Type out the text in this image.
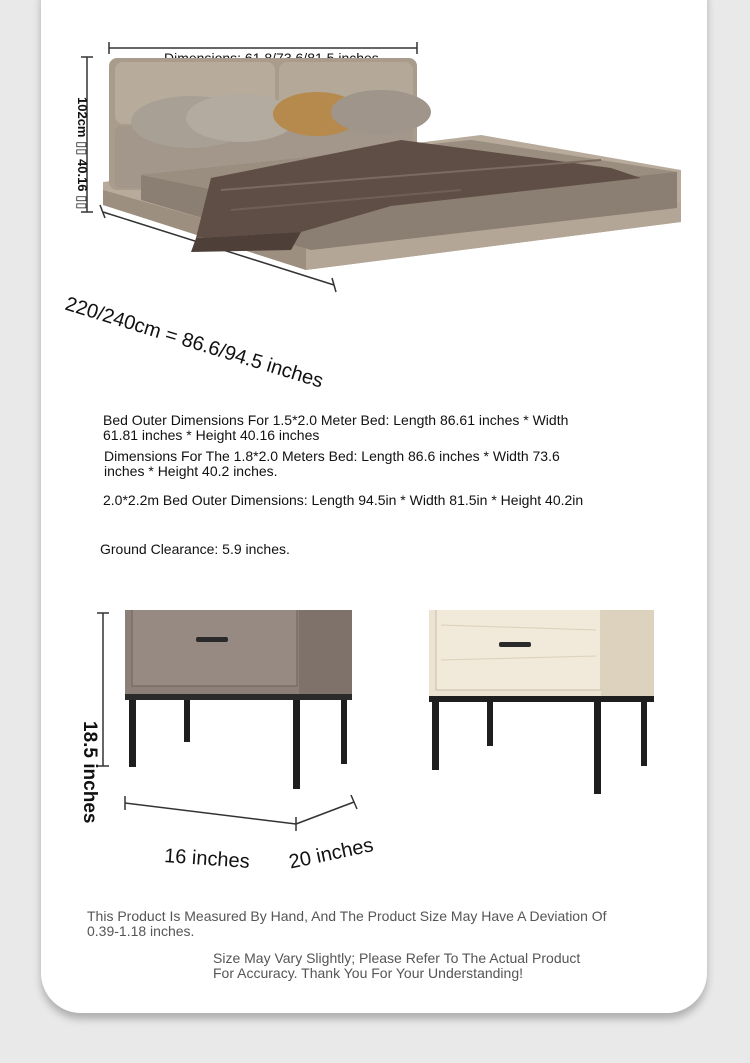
102cm ▯▯ 40.16 ▯▯
220/240cm = 86.6/94.5 inches
Bed Outer Dimensions For 1.5*2.0 Meter Bed: Length 86.61 inches * Width 61.81 inches * Height 40.16 inches
Dimensions For The 1.8*2.0 Meters Bed: Length 86.6 inches * Width 73.6 inches * Height 40.2 inches.
2.0*2.2m Bed Outer Dimensions: Length 94.5in * Width 81.5in * Height 40.2in
Ground Clearance: 5.9 inches.
18.5 inches
16 inches 20 inches
This Product Is Measured By Hand, And The Product Size May Have A Deviation Of 0.39-1.18 inches.
Size May Vary Slightly; Please Refer To The Actual Product For Accuracy. Thank You For Your Understanding!
